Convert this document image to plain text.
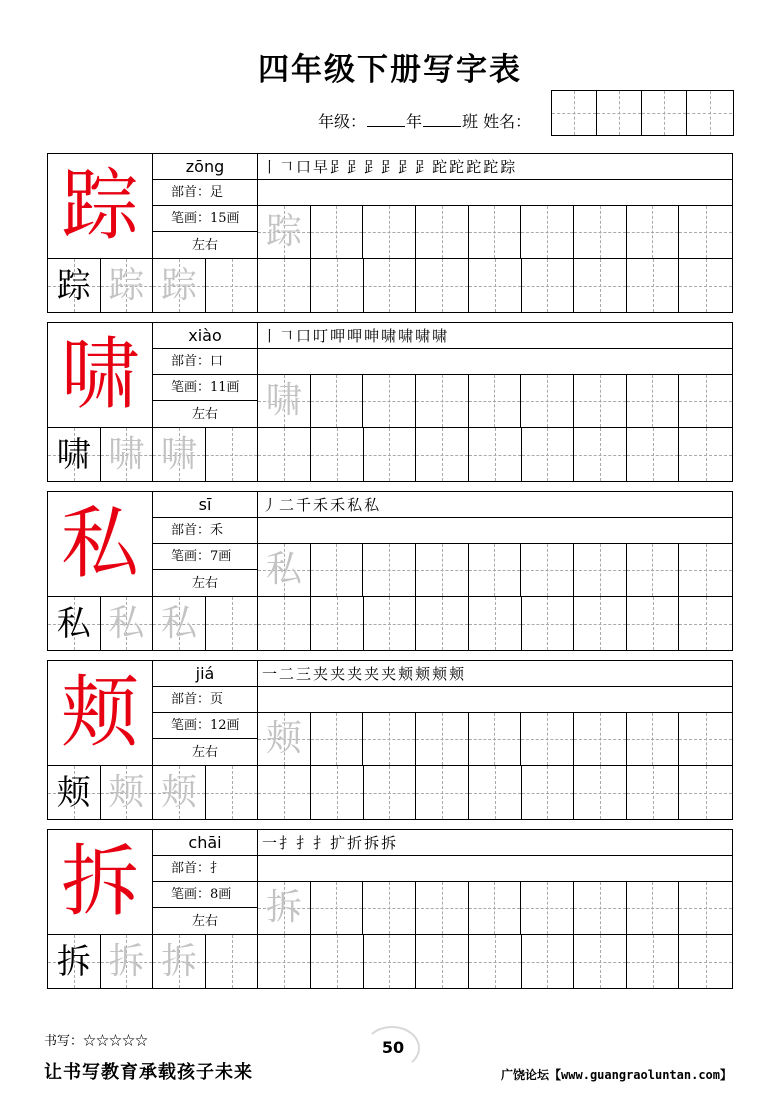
四年级下册写字表
年级：	年	班 姓名：
踪	zōng	丨 𠃍 口 早 𧾷 𧾷 𧾷 𧾷 𧾷 𧾷 跎 跎 跎 跎 踪
部首：足
笔画：15画
左右	踪
踪 踪 踪
啸	xiào	丨 𠃍 口 叮 呷 呷 呻 啸 啸 啸 啸
部首：口
笔画：11画
左右	啸
啸 啸 啸
私	sī	丿 二 千 禾 禾 私 私
部首：禾
笔画：7画
左右	私
私 私 私
颊	jiá	一 二 三 夹 夹 夹 夹 夹 颊 颊 颊 颊
部首：页
笔画：12画
左右	颊
颊 颊 颊
拆	chāi	一 扌 扌 扌 扩 折 拆 拆
部首：扌
笔画：8画
左右	拆
拆 拆 拆
书写：☆☆☆☆☆
让书写教育承载孩子未来
50
广饶论坛【www.guangraoluntan.com】
